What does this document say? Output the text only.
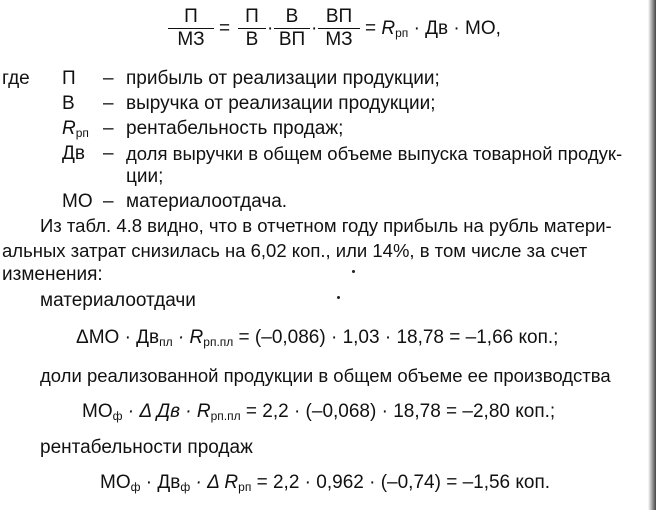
П
МЗ
=
П
В
·
В
ВП
·
ВП
МЗ
= $R_{рп}$ · Дв · МО,
где П – прибыль от реализации продукции;
В – выручка от реализации продукции;
$R_{рп}$ – рентабельность продаж;
Дв – доля выручки в общем объеме выпуска товарной продук-
ции;
МО – материалоотдача.
Из табл. 4.8 видно, что в отчетном году прибыль на рубль матери-
альных затрат снизилась на 6,02 коп., или 14%, в том числе за счет
изменения:
материалоотдачи
$\Delta МО \cdot Дв_{пл} \cdot R_{рп.пл} = (-0,086) \cdot 1,03 \cdot 18,78 = -1,66$ коп.;
доли реализованной продукции в общем объеме ее производства
$МО_ф \cdot \Delta$ Дв · $R_{рп.пл} = 2,2 \cdot (-0,068) \cdot 18,78 = -2,80$ коп.;
рентабельности продаж
$МО_ф \cdot Дв_ф \cdot \Delta$ $R_{рп} = 2,2 \cdot 0,962 \cdot (-0,74) = -1,56$ коп.
